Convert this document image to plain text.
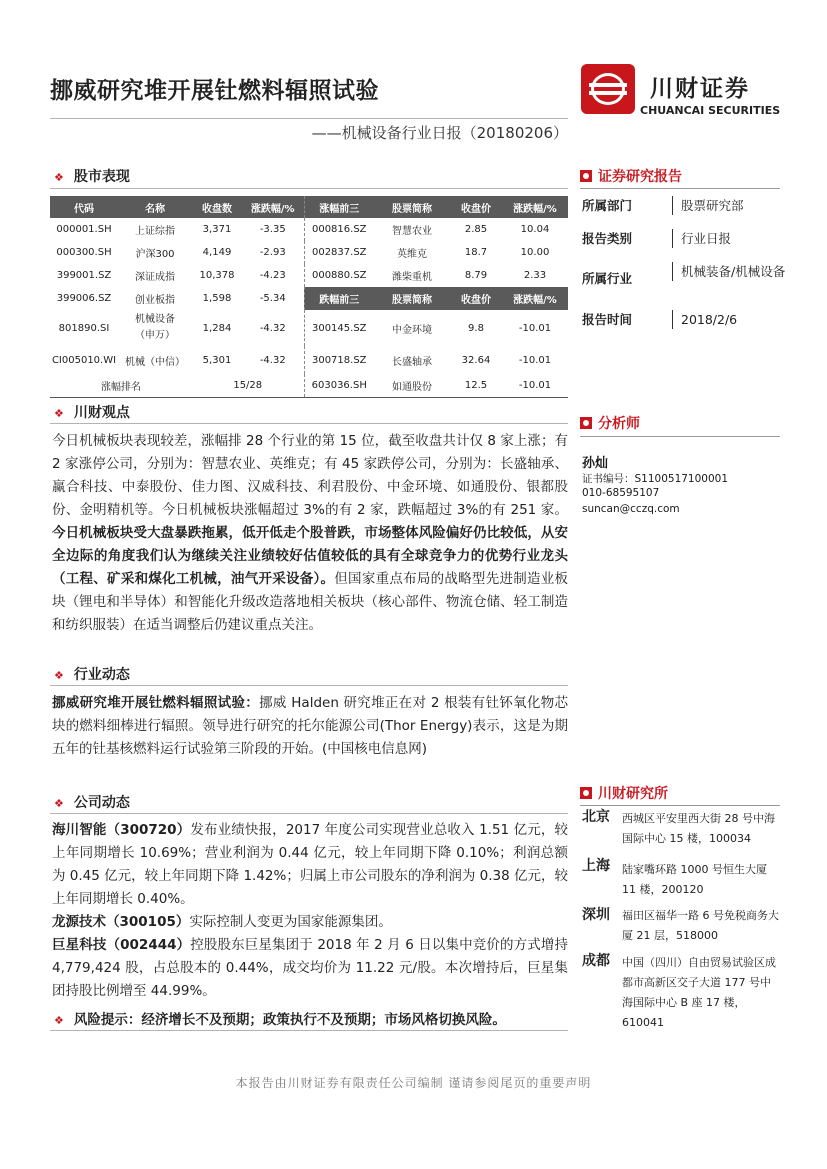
挪威研究堆开展钍燃料辐照试验	川财证券
CHUANCAI SECURITIES
——机械设备行业日报（20180206）
❖ 股市表现
代码	名称	收盘数	涨跌幅/%	涨幅前三	股票简称	收盘价	涨跌幅/%
000001.SH	上证综指	3,371	-3.35	000816.SZ	智慧农业	2.85	10.04
000300.SH	沪深300	4,149	-2.93	002837.SZ	英维克	18.7	10.00
399001.SZ	深证成指	10,378	-4.23	000880.SZ	潍柴重机	8.79	2.33
399006.SZ	创业板指	1,598	-5.34	跌幅前三	股票简称	收盘价	涨跌幅/%
801890.SI	机械设备（申万）	1,284	-4.32	300145.SZ	中金环境	9.8	-10.01
CI005010.WI	机械（中信）	5,301	-4.32	300718.SZ	长盛轴承	32.64	-10.01
涨幅排名		15/28		603036.SH	如通股份	12.5	-10.01
❖ 川财观点
今日机械板块表现较差，涨幅排 28 个行业的第 15 位，截至收盘共计仅 8 家上涨；有 2 家涨停公司，分别为：智慧农业、英维克；有 45 家跌停公司，分别为：长盛轴承、赢合科技、中泰股份、佳力图、汉威科技、利君股份、中金环境、如通股份、银都股份、金明精机等。今日机械板块涨幅超过 3%的有 2 家，跌幅超过 3%的有 251 家。今日机械板块受大盘暴跌拖累，低开低走个股普跌，市场整体风险偏好仍比较低，从安全边际的角度我们认为继续关注业绩较好估值较低的具有全球竞争力的优势行业龙头（工程、矿采和煤化工机械，油气开采设备）。但国家重点布局的战略型先进制造业板块（锂电和半导体）和智能化升级改造落地相关板块（核心部件、物流仓储、轻工制造和纺织服装）在适当调整后仍建议重点关注。
❖ 行业动态
挪威研究堆开展钍燃料辐照试验：挪威 Halden 研究堆正在对 2 根装有钍钚氧化物芯块的燃料细棒进行辐照。领导进行研究的托尔能源公司(Thor Energy)表示，这是为期五年的钍基核燃料运行试验第三阶段的开始。(中国核电信息网)
❖ 公司动态
海川智能（300720）发布业绩快报，2017 年度公司实现营业总收入 1.51 亿元，较上年同期增长 10.69%；营业利润为 0.44 亿元，较上年同期下降 0.10%；利润总额为 0.45 亿元，较上年同期下降 1.42%；归属上市公司股东的净利润为 0.38 亿元，较上年同期增长 0.40%。
龙源技术（300105）实际控制人变更为国家能源集团。
巨星科技（002444）控股股东巨星集团于 2018 年 2 月 6 日以集中竞价的方式增持 4,779,424 股，占总股本的 0.44%，成交均价为 11.22 元/股。本次增持后，巨星集团持股比例增至 44.99%。
❖ 风险提示：经济增长不及预期；政策执行不及预期；市场风格切换风险。
证券研究报告
所属部门	股票研究部
报告类别	行业日报
所属行业	机械装备/机械设备
报告时间	2018/2/6
分析师
孙灿
证书编号：S1100517100001
010-68595107
suncan@cczq.com
川财研究所
北京 西城区平安里西大街 28 号中海国际中心 15 楼，100034
上海 陆家嘴环路 1000 号恒生大厦 11 楼，200120
深圳 福田区福华一路 6 号免税商务大厦 21 层，518000
成都 中国（四川）自由贸易试验区成都市高新区交子大道 177 号中海国际中心 B 座 17 楼，610041
本报告由川财证券有限责任公司编制 谨请参阅尾页的重要声明
